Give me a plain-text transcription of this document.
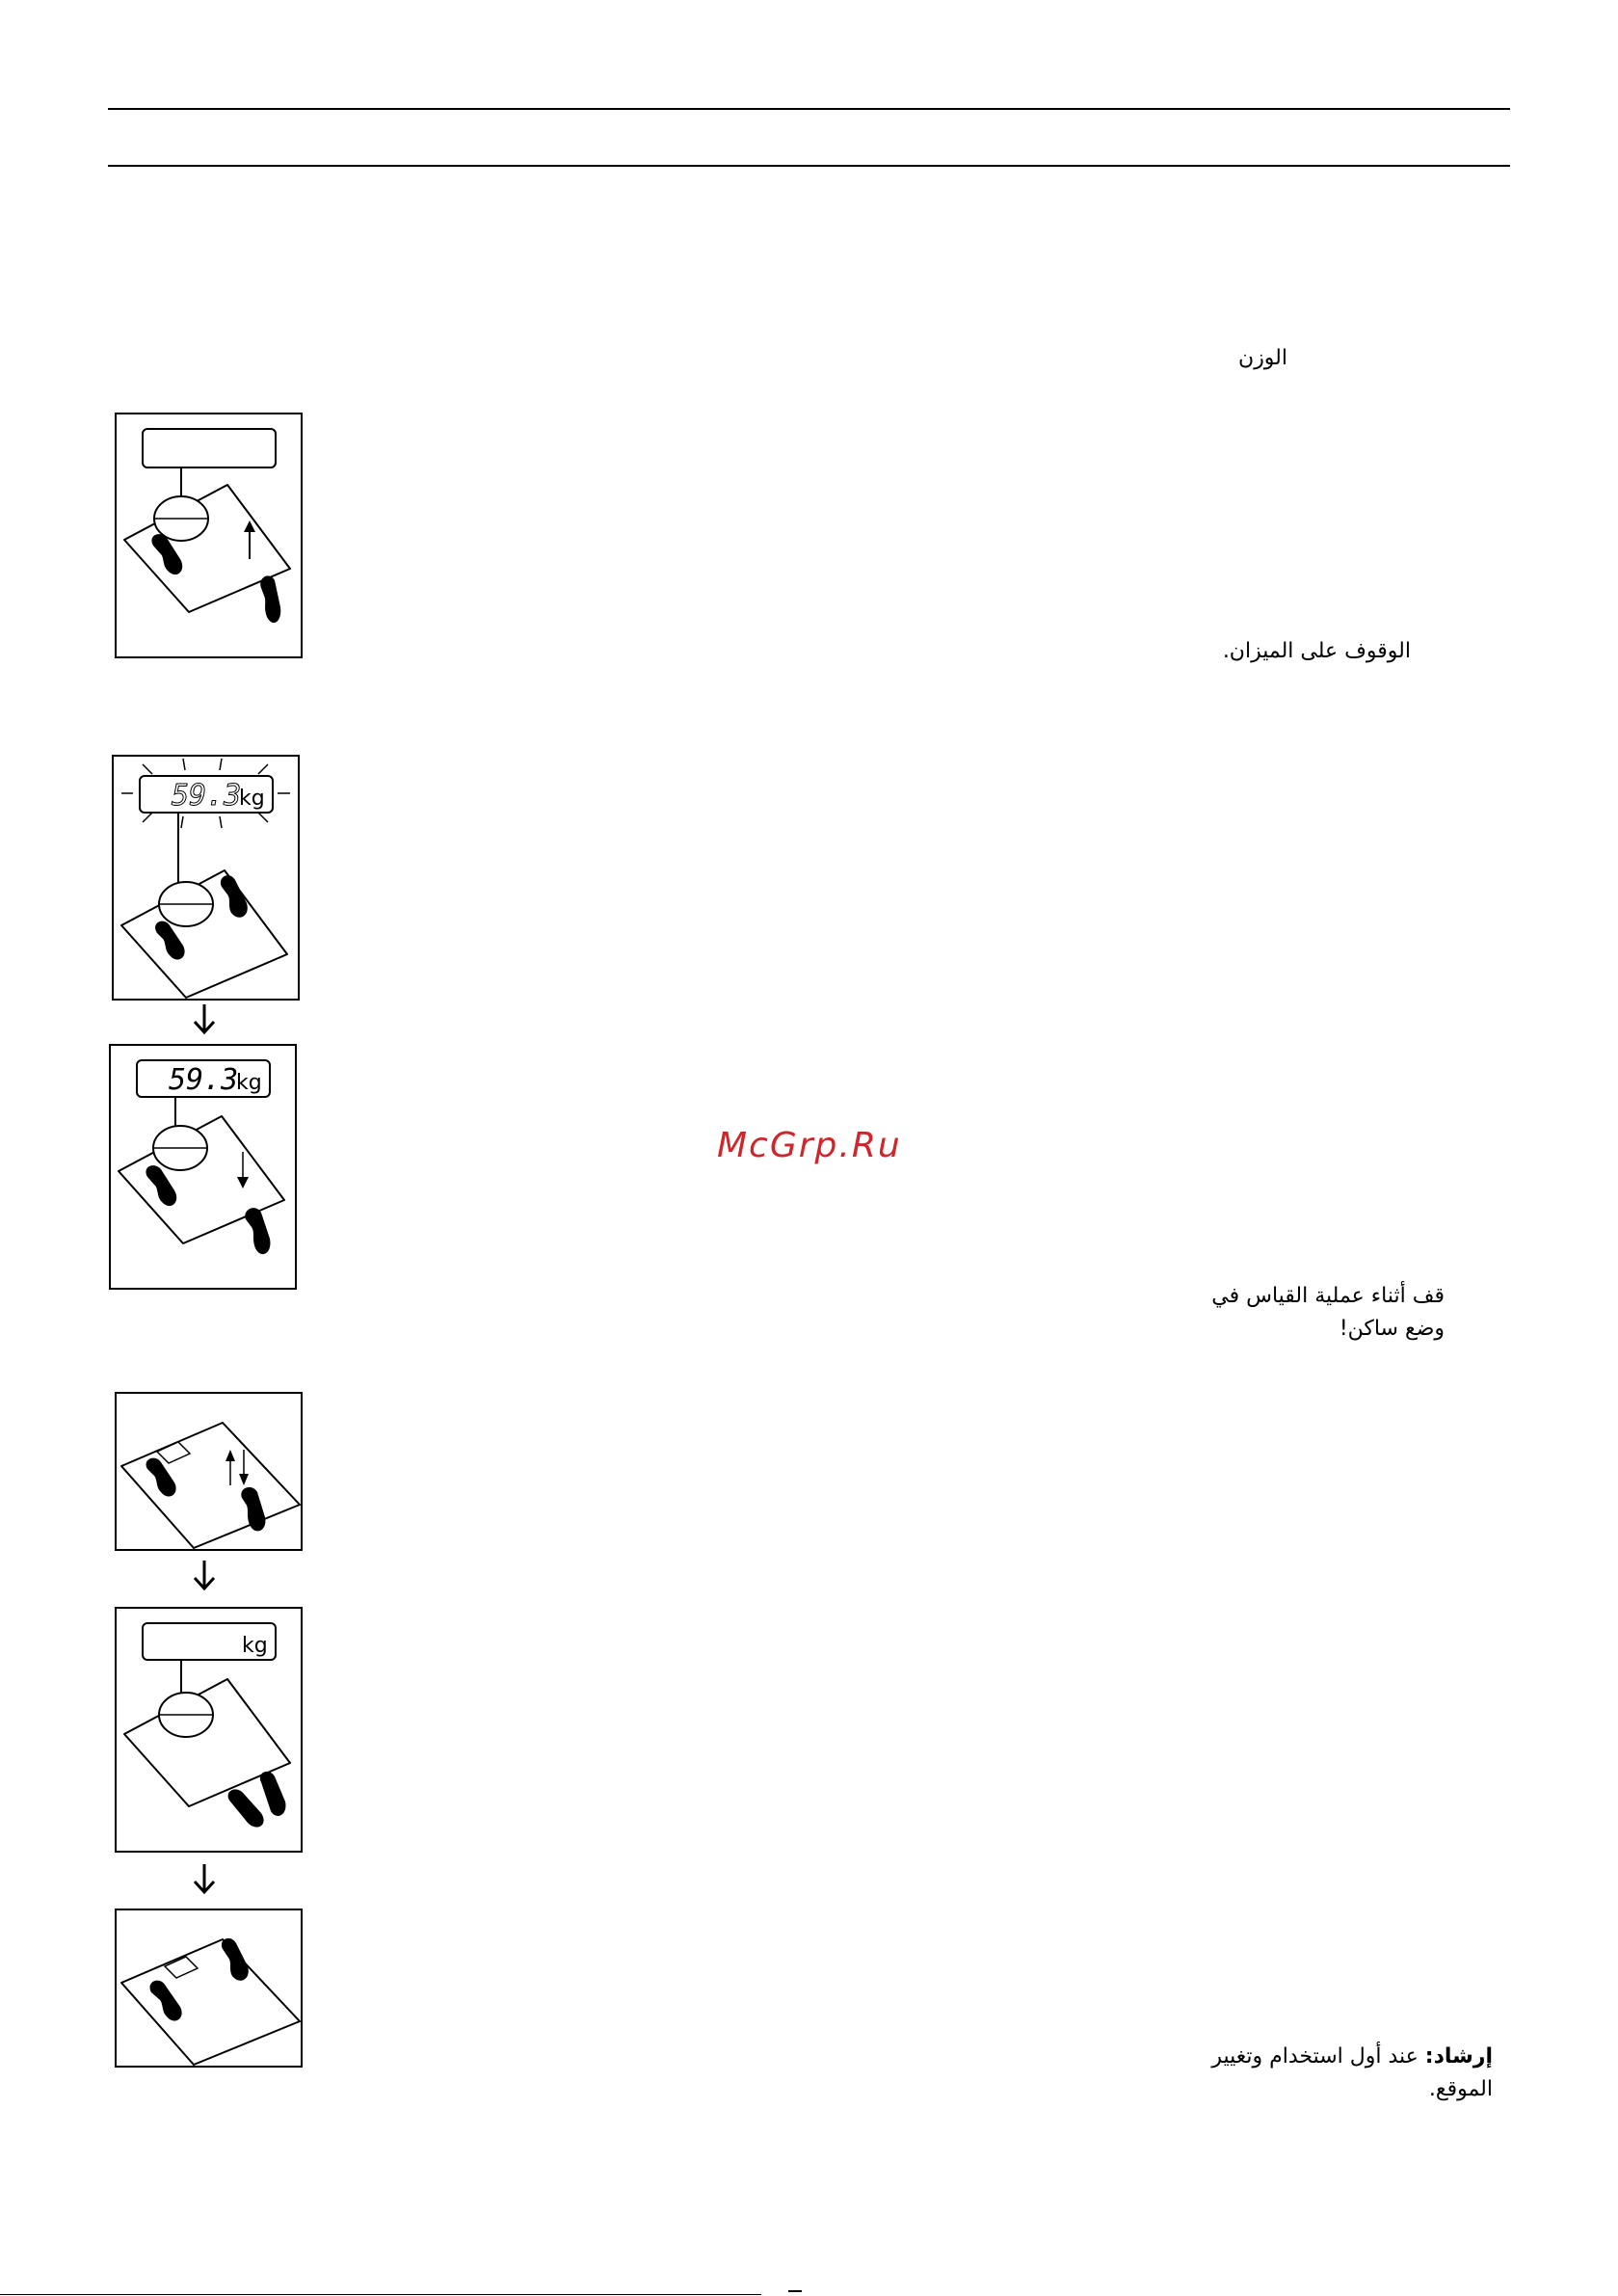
الوزن
الوقوف على الميزان.
قف أثناء عملية القياس في
وضع ساكن!
إرشاد: عند أول استخدام وتغيير
الموقع.
59.3
kg
59.3
kg
kg
McGrp.Ru
